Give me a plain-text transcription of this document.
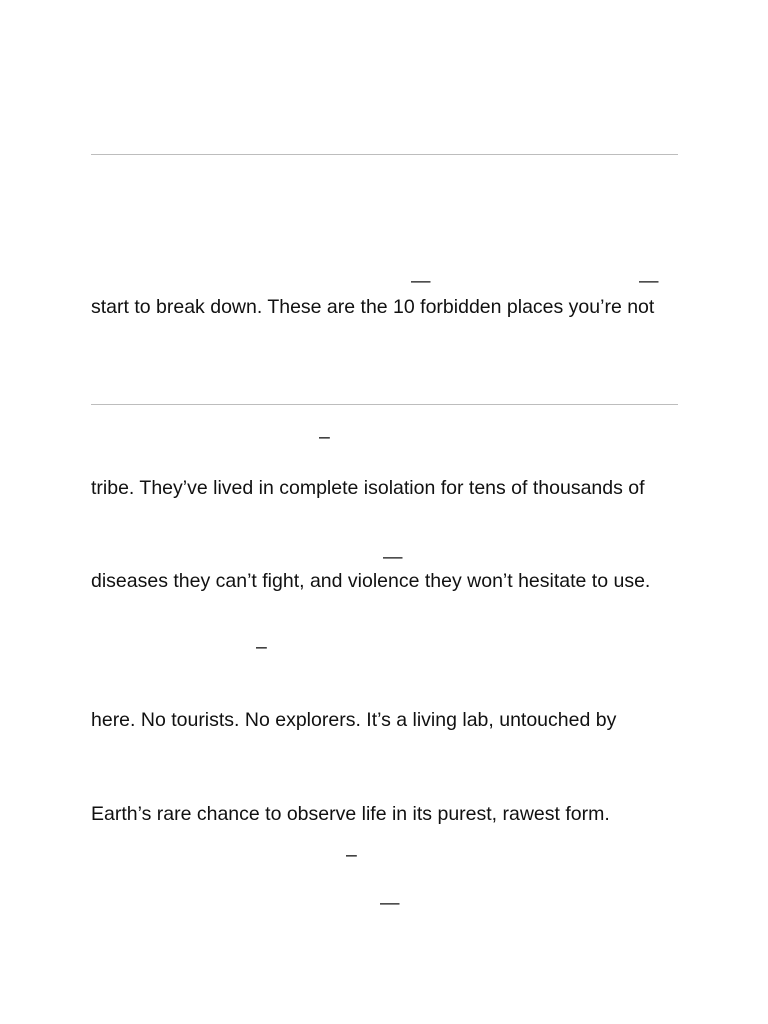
—	—

start to break down. These are the 10 forbidden places you’re not

–

tribe. They’ve lived in complete isolation for tens of thousands of

—

diseases they can’t fight, and violence they won’t hesitate to use.

–

here. No tourists. No explorers. It’s a living lab, untouched by

Earth’s rare chance to observe life in its purest, rawest form.

–
—
